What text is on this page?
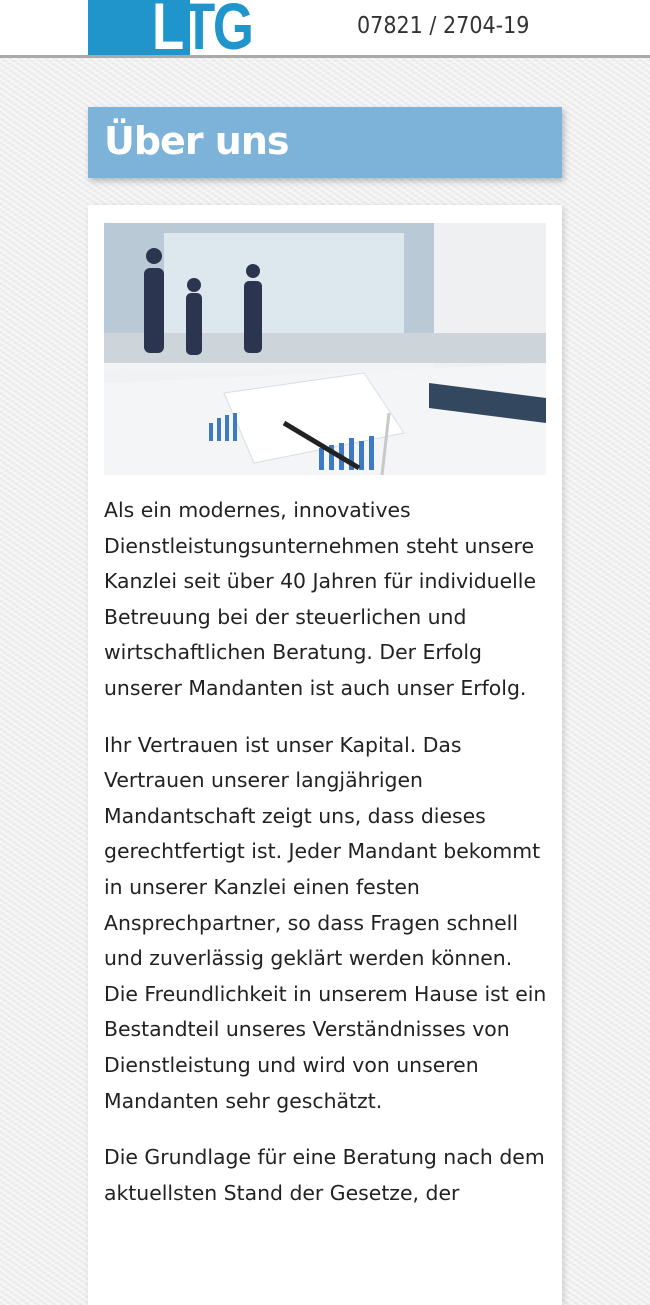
L TG	07821 / 2704-19
Über uns

Als ein modernes, innovatives Dienstleistungsunternehmen steht unsere Kanzlei seit über 40 Jahren für individuelle Betreuung bei der steuerlichen und wirtschaftlichen Beratung. Der Erfolg unserer Mandanten ist auch unser Erfolg.

Ihr Vertrauen ist unser Kapital. Das Vertrauen unserer langjährigen Mandantschaft zeigt uns, dass dieses gerechtfertigt ist. Jeder Mandant bekommt in unserer Kanzlei einen festen Ansprechpartner, so dass Fragen schnell und zuverlässig geklärt werden können. Die Freundlichkeit in unserem Hause ist ein Bestandteil unseres Verständnisses von Dienstleistung und wird von unseren Mandanten sehr geschätzt.

Die Grundlage für eine Beratung nach dem aktuellsten Stand der Gesetze, der
